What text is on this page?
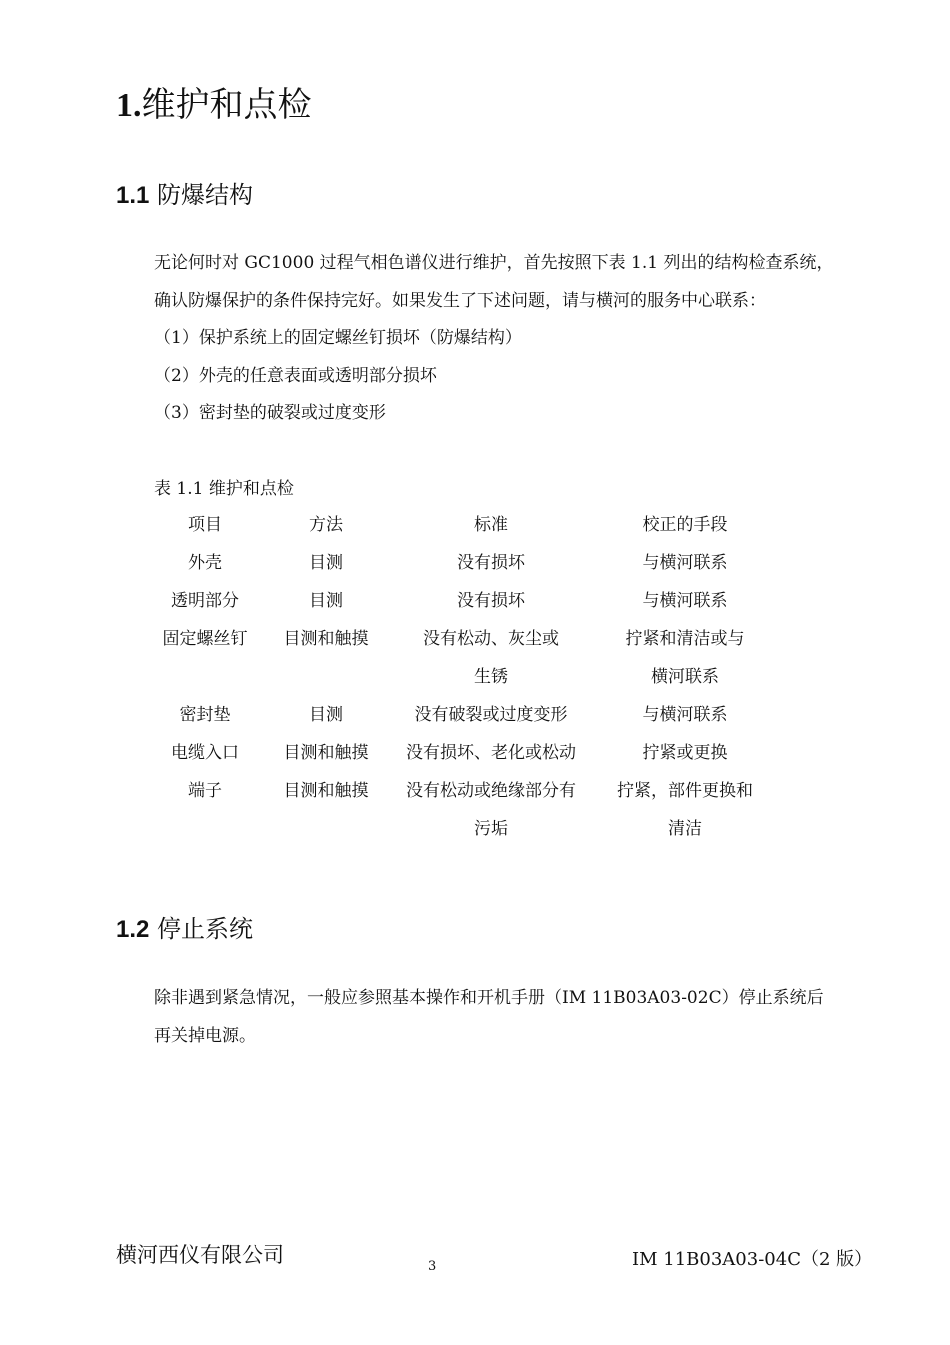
1.维护和点检
1.1 防爆结构

无论何时对 GC1000 过程气相色谱仪进行维护，首先按照下表 1.1 列出的结构检查系统，

确认防爆保护的条件保持完好。如果发生了下述问题，请与横河的服务中心联系：

（1）保护系统上的固定螺丝钉损坏（防爆结构）

（2）外壳的任意表面或透明部分损坏

（3）密封垫的破裂或过度变形

表 1.1 维护和点检
项目	方法	标准	校正的手段
外壳	目测	没有损坏	与横河联系
透明部分	目测	没有损坏	与横河联系
固定螺丝钉	目测和触摸	没有松动、灰尘或	拧紧和清洁或与
		生锈	横河联系
密封垫	目测	没有破裂或过度变形	与横河联系
电缆入口	目测和触摸	没有损坏、老化或松动	拧紧或更换
端子	目测和触摸	没有松动或绝缘部分有	拧紧，部件更换和
		污垢	清洁
1.2 停止系统

除非遇到紧急情况，一般应参照基本操作和开机手册（IM 11B03A03-02C）停止系统后

再关掉电源。

横河西仪有限公司	3	IM 11B03A03-04C（2 版）
